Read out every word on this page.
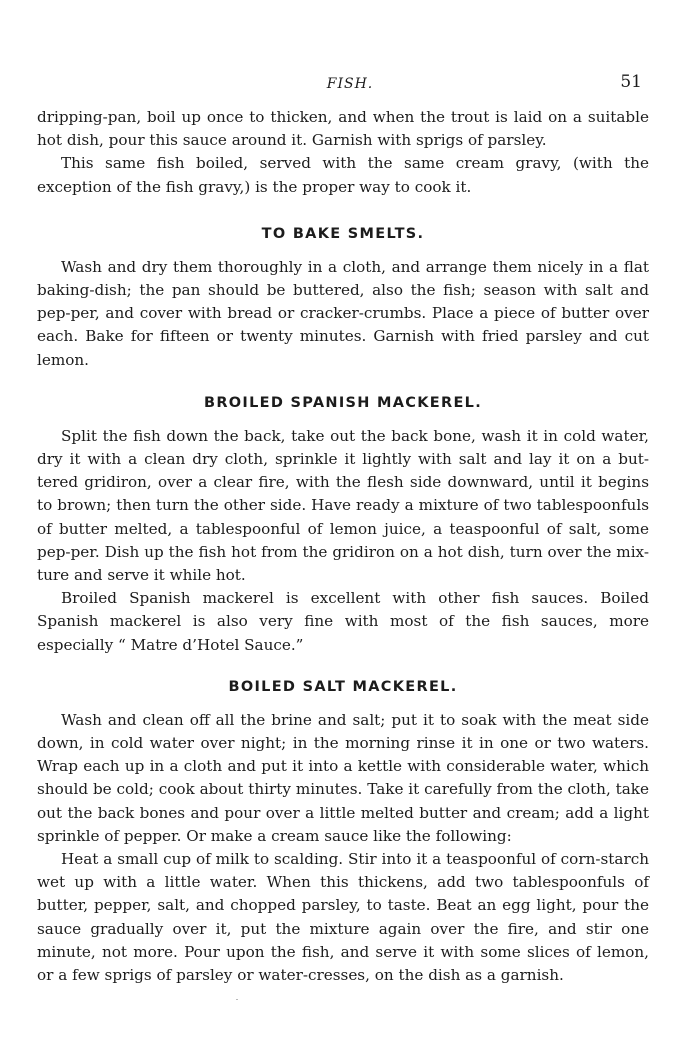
FISH.	51

dripping-pan, boil up once to thicken, and when the trout is laid on a suitable hot dish, pour this sauce around it. Garnish with sprigs of parsley.

This same fish boiled, served with the same cream gravy, (with the exception of the fish gravy,) is the proper way to cook it.

TO BAKE SMELTS.

Wash and dry them thoroughly in a cloth, and arrange them nicely in a flat baking-dish; the pan should be buttered, also the fish; season with salt and pep-per, and cover with bread or cracker-crumbs. Place a piece of butter over each. Bake for fifteen or twenty minutes. Garnish with fried parsley and cut lemon.

BROILED SPANISH MACKEREL.

Split the fish down the back, take out the back bone, wash it in cold water, dry it with a clean dry cloth, sprinkle it lightly with salt and lay it on a but-tered gridiron, over a clear fire, with the flesh side downward, until it begins to brown; then turn the other side. Have ready a mixture of two tablespoonfuls of butter melted, a tablespoonful of lemon juice, a teaspoonful of salt, some pep-per. Dish up the fish hot from the gridiron on a hot dish, turn over the mix-ture and serve it while hot.

Broiled Spanish mackerel is excellent with other fish sauces. Boiled Spanish mackerel is also very fine with most of the fish sauces, more especially “ Matre d’Hotel Sauce.”

BOILED SALT MACKEREL.

Wash and clean off all the brine and salt; put it to soak with the meat side down, in cold water over night; in the morning rinse it in one or two waters. Wrap each up in a cloth and put it into a kettle with considerable water, which should be cold; cook about thirty minutes. Take it carefully from the cloth, take out the back bones and pour over a little melted butter and cream; add a light sprinkle of pepper. Or make a cream sauce like the following:

Heat a small cup of milk to scalding. Stir into it a teaspoonful of corn-starch wet up with a little water. When this thickens, add two tablespoonfuls of butter, pepper, salt, and chopped parsley, to taste. Beat an egg light, pour the sauce gradually over it, put the mixture again over the fire, and stir one minute, not more. Pour upon the fish, and serve it with some slices of lemon, or a few sprigs of parsley or water-cresses, on the dish as a garnish.
